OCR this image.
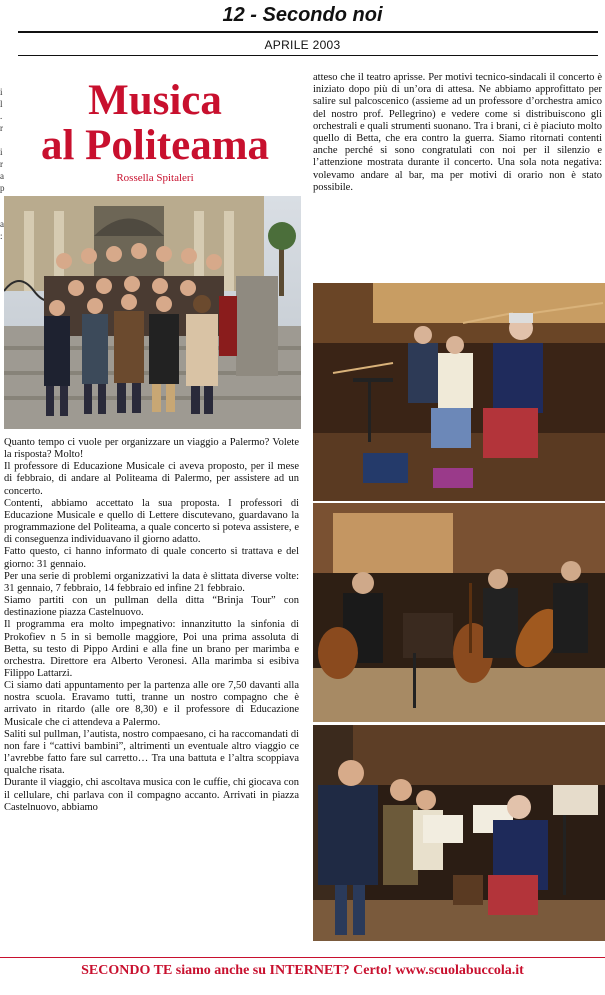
12 - Secondo noi
APRILE 2003
i
l
.
r

i
r
a
p

a
:
Musica
al Politeama
Rossella Spitaleri

Quanto tempo ci vuole per organizzare un viaggio a Palermo? Volete la risposta? Molto!

Il professore di Educazione Musicale ci aveva proposto, per il mese di febbraio, di andare al Politeama di Palermo, per assistere ad un concerto.

Contenti, abbiamo accettato la sua proposta. I professori di Educazione Musicale e quello di Lettere discutevano, guardavano la programmazione del Politeama, a quale concerto si poteva assistere, e di conseguenza individuavano il giorno adatto.

Fatto questo, ci hanno informato di quale concerto si trattava e del giorno: 31 gennaio.

Per una serie di problemi organizzativi la data è slittata diverse volte: 31 gennaio, 7 febbraio, 14 febbraio ed infine 21 febbraio.

Siamo partiti con un pullman della ditta “Brinja Tour” con destinazione piazza Castelnuovo.

Il programma era molto impegnativo: innanzitutto la sinfonia di Prokofiev n 5 in si bemolle maggiore, Poi una prima assoluta di Betta, su testo di Pippo Ardini e alla fine un brano per marimba e orchestra. Direttore era Alberto Veronesi. Alla marimba si esibiva Filippo Lattarzi.

Ci siamo dati appuntamento per la partenza alle ore 7,50 davanti alla nostra scuola. Eravamo tutti, tranne un nostro compagno che è arrivato in ritardo (alle ore 8,30) e il professore di Educazione Musicale che ci attendeva a Palermo.

Saliti sul pullman, l’autista, nostro compaesano, ci ha raccomandati di non fare i “cattivi bambini”, altrimenti un eventuale altro viaggio ce l’avrebbe fatto fare sul carretto… Tra una battuta e l’altra scoppiava qualche risata.

Durante il viaggio, chi ascoltava musica con le cuffie, chi giocava con il cellulare, chi parlava con il compagno accanto. Arrivati in piazza Castelnuovo, abbiamo

atteso che il teatro aprisse. Per motivi tecnico-sindacali il concerto è iniziato dopo più di un’ora di attesa. Ne abbiamo approfittato per salire sul palcoscenico (assieme ad un professore d’orchestra amico del nostro prof. Pellegrino) e vedere come si distribuiscono gli orchestrali e quali strumenti suonano. Tra i brani, ci è piaciuto molto quello di Betta, che era contro la guerra. Siamo ritornati contenti anche perché si sono congratulati con noi per il silenzio e l’attenzione mostrata durante il concerto. Una sola nota negativa: volevamo andare al bar, ma per motivi di orario non è stato possibile.
SECONDO TE siamo anche su INTERNET? Certo! www.scuolabuccola.it
